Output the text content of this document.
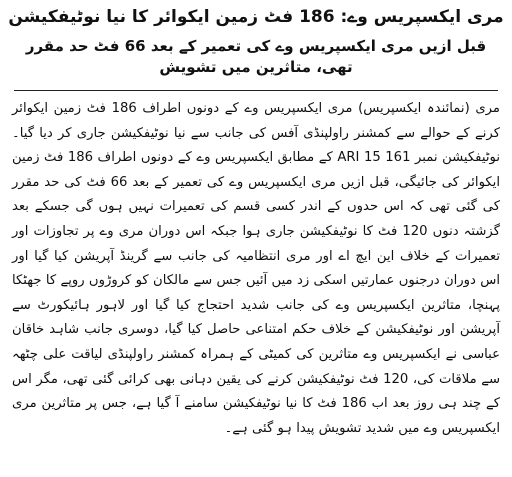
مری ایکسپریس وے: 186 فٹ زمین ایکوائر کا نیا نوٹیفکیشن
قبل ازیں مری ایکسپریس وے کی تعمیر کے بعد 66 فٹ حد مقرر تھی، متاثرین میں تشویش

مری (نمائندہ ایکسپریس) مری ایکسپریس وے کے دونوں اطراف 186 فٹ زمین ایکوائر کرنے کے حوالے سے کمشنر راولپنڈی آفس کی جانب سے نیا نوٹیفکیشن جاری کر دیا گیا۔ نوٹیفکیشن نمبر ARI 15 161 کے مطابق ایکسپریس وے کے دونوں اطراف 186 فٹ زمین ایکوائر کی جائیگی، قبل ازیں مری ایکسپریس وے کی تعمیر کے بعد 66 فٹ کی حد مقرر کی گئی تھی کہ اس حدوں کے اندر کسی قسم کی تعمیرات نہیں ہوں گی جسکے بعد گزشتہ دنوں 120 فٹ کا نوٹیفکیشن جاری ہوا جبکہ اس دوران مری وے پر تجاوزات اور تعمیرات کے خلاف این ایچ اے اور مری انتظامیہ کی جانب سے گرینڈ آپریشن کیا گیا اور اس دوران درجنوں عمارتیں اسکی زد میں آئیں جس سے مالکان کو کروڑوں روپے کا جھٹکا پہنچا، متاثرین ایکسپریس وے کی جانب شدید احتجاج کیا گیا اور لاہور ہائیکورٹ سے آپریشن اور نوٹیفکیشن کے خلاف حکم امتناعی حاصل کیا گیا، دوسری جانب شاہد خاقان عباسی نے ایکسپریس وے متاثرین کی کمیٹی کے ہمراہ کمشنر راولپنڈی لیاقت علی چٹھہ سے ملاقات کی، 120 فٹ نوٹیفکیشن کرنے کی یقین دہانی بھی کرائی گئی تھی، مگر اس کے چند ہی روز بعد اب 186 فٹ کا نیا نوٹیفکیشن سامنے آ گیا ہے، جس پر متاثرین مری ایکسپریس وے میں شدید تشویش پیدا ہو گئی ہے۔
